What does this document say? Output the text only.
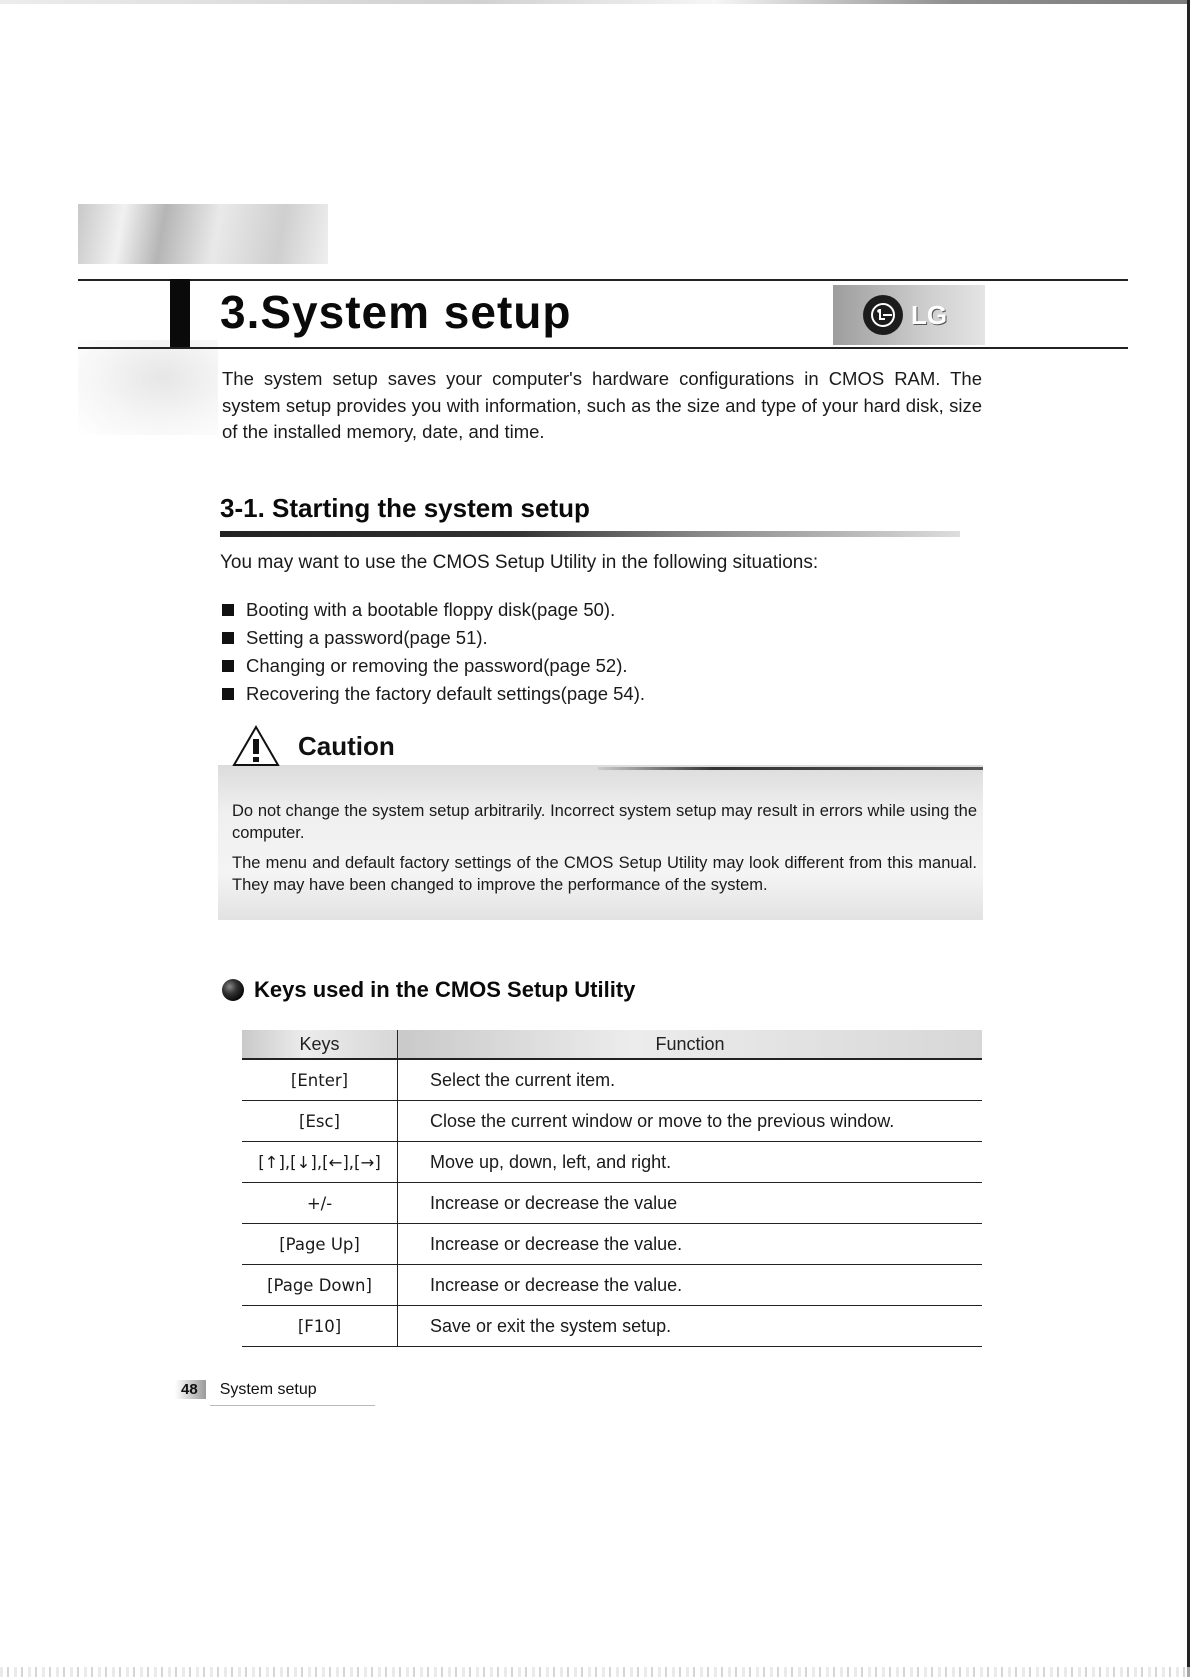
3.System setup	LG

The system setup saves your computer's hardware configurations in CMOS RAM. The system setup provides you with information, such as the size and type of your hard disk, size of the installed memory, date, and time.

3-1. Starting the system setup

You may want to use the CMOS Setup Utility in the following situations:

Booting with a bootable floppy disk(page 50).
Setting a password(page 51).
Changing or removing the password(page 52).
Recovering the factory default settings(page 54).
Caution

Do not change the system setup arbitrarily. Incorrect system setup may result in errors while using the computer.

The menu and default factory settings of the CMOS Setup Utility may look different from this manual. They may have been changed to improve the performance of the system.

Keys used in the CMOS Setup Utility
Keys	Function
[Enter]	Select the current item.
[Esc]	Close the current window or move to the previous window.
[↑],[↓],[←],[→]	Move up, down, left, and right.
+/-	Increase or decrease the value
[Page Up]	Increase or decrease the value.
[Page Down]	Increase or decrease the value.
[F10]	Save or exit the system setup.
48	System setup
